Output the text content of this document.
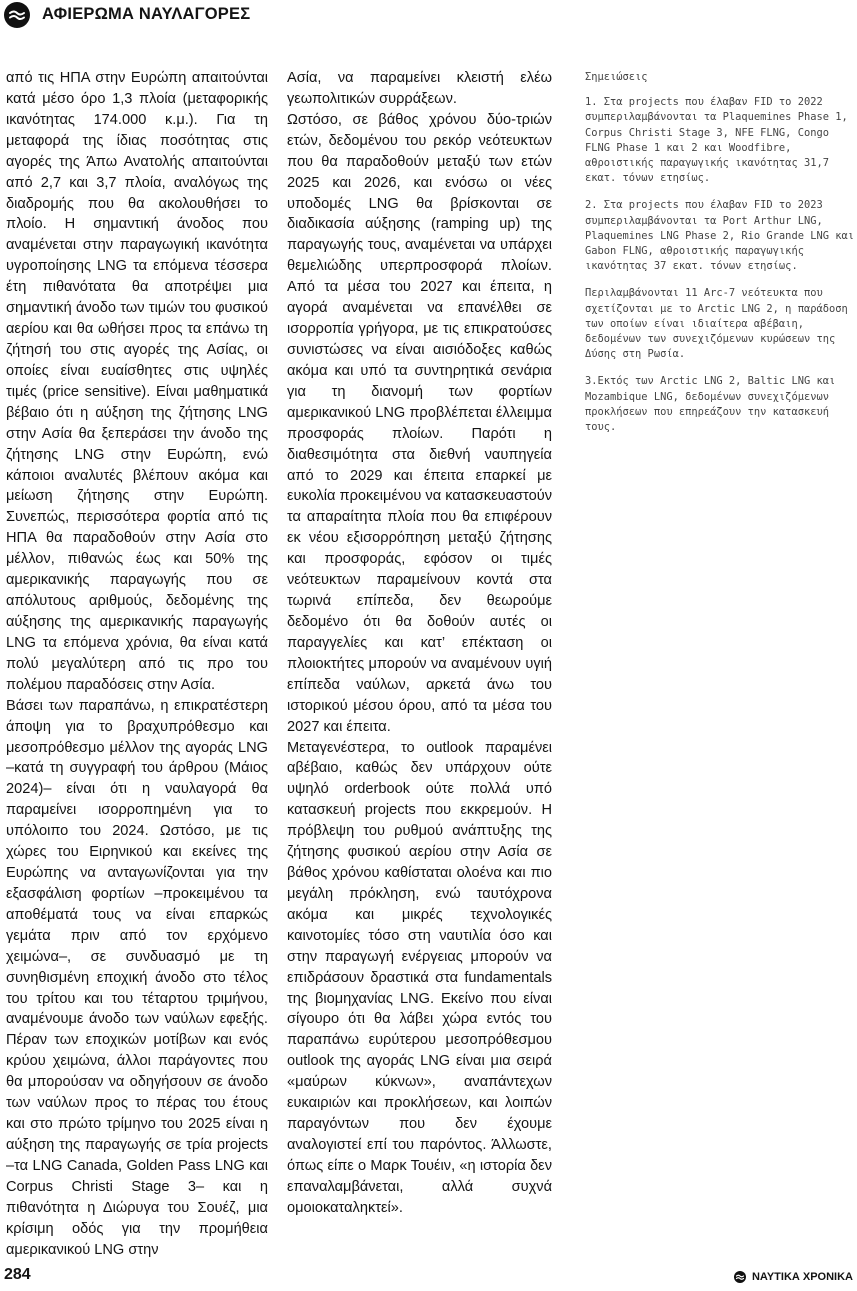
ΑΦΙΕΡΩΜΑ ΝΑΥΛΑΓΟΡΕΣ

από τις ΗΠΑ στην Ευρώπη απαιτούνται κατά μέσο όρο 1,3 πλοία (μεταφορικής ικανότητας 174.000 κ.μ.). Για τη μεταφορά της ίδιας ποσότητας στις αγορές της Άπω Ανατολής απαιτούνται από 2,7 και 3,7 πλοία, αναλόγως της διαδρομής που θα ακολουθήσει το πλοίο. Η σημαντική άνοδος που αναμένεται στην παραγωγική ικανότητα υγροποίησης LNG τα επόμενα τέσσερα έτη πιθανότατα θα αποτρέψει μια σημαντική άνοδο των τιμών του φυσικού αερίου και θα ωθήσει προς τα επάνω τη ζήτησή του στις αγορές της Ασίας, οι οποίες είναι ευαίσθητες στις υψηλές τιμές (price sensitive). Είναι μαθηματικά βέβαιο ότι η αύξηση της ζήτησης LNG στην Ασία θα ξεπεράσει την άνοδο της ζήτησης LNG στην Ευρώπη, ενώ κάποιοι αναλυτές βλέπουν ακόμα και μείωση ζήτησης στην Ευρώπη. Συνεπώς, περισσότερα φορτία από τις ΗΠΑ θα παραδοθούν στην Ασία στο μέλλον, πιθανώς έως και 50% της αμερικανικής παραγωγής που σε απόλυτους αριθμούς, δεδομένης της αύξησης της αμερικανικής παραγωγής LNG τα επόμενα χρόνια, θα είναι κατά πολύ μεγαλύτερη από τις προ του πολέμου παραδόσεις στην Ασία.

Βάσει των παραπάνω, η επικρατέστερη άποψη για το βραχυπρόθεσμο και μεσοπρόθεσμο μέλλον της αγοράς LNG –κατά τη συγγραφή του άρθρου (Μάιος 2024)– είναι ότι η ναυλαγορά θα παραμείνει ισορροπημένη για το υπόλοιπο του 2024. Ωστόσο, με τις χώρες του Ειρηνικού και εκείνες της Ευρώπης να ανταγωνίζονται για την εξασφάλιση φορτίων –προκειμένου τα αποθέματά τους να είναι επαρκώς γεμάτα πριν από τον ερχόμενο χειμώνα–, σε συνδυασμό με τη συνηθισμένη εποχική άνοδο στο τέλος του τρίτου και του τέταρτου τριμήνου, αναμένουμε άνοδο των ναύλων εφεξής. Πέραν των εποχικών μοτίβων και ενός κρύου χειμώνα, άλλοι παράγοντες που θα μπορούσαν να οδηγήσουν σε άνοδο των ναύλων προς το πέρας του έτους και στο πρώτο τρίμηνο του 2025 είναι η αύξηση της παραγωγής σε τρία projects –τα LNG Canada, Golden Pass LNG και Corpus Christi Stage 3– και η πιθανότητα η Διώρυγα του Σουέζ, μια κρίσιμη οδός για την προμήθεια αμερικανικού LNG στην

Ασία, να παραμείνει κλειστή ελέω γεωπολιτικών συρράξεων.

Ωστόσο, σε βάθος χρόνου δύο-τριών ετών, δεδομένου του ρεκόρ νεότευκτων που θα παραδοθούν μεταξύ των ετών 2025 και 2026, και ενόσω οι νέες υποδομές LNG θα βρίσκονται σε διαδικασία αύξησης (ramping up) της παραγωγής τους, αναμένεται να υπάρχει θεμελιώδης υπερπροσφορά πλοίων. Από τα μέσα του 2027 και έπειτα, η αγορά αναμένεται να επανέλθει σε ισορροπία γρήγορα, με τις επικρατούσες συνιστώσες να είναι αισιόδοξες καθώς ακόμα και υπό τα συντηρητικά σενάρια για τη διανομή των φορτίων αμερικανικού LNG προβλέπεται έλλειμμα προσφοράς πλοίων. Παρότι η διαθεσιμότητα στα διεθνή ναυπηγεία από το 2029 και έπειτα επαρκεί με ευκολία προκειμένου να κατασκευαστούν τα απαραίτητα πλοία που θα επιφέρουν εκ νέου εξισορρόπηση μεταξύ ζήτησης και προσφοράς, εφόσον οι τιμές νεότευκτων παραμείνουν κοντά στα τωρινά επίπεδα, δεν θεωρούμε δεδομένο ότι θα δοθούν αυτές οι παραγγελίες και κατ’ επέκταση οι πλοιοκτήτες μπορούν να αναμένουν υγιή επίπεδα ναύλων, αρκετά άνω του ιστορικού μέσου όρου, από τα μέσα του 2027 και έπειτα.

Μεταγενέστερα, το outlook παραμένει αβέβαιο, καθώς δεν υπάρχουν ούτε υψηλό orderbook ούτε πολλά υπό κατασκευή projects που εκκρεμούν. Η πρόβλεψη του ρυθμού ανάπτυξης της ζήτησης φυσικού αερίου στην Ασία σε βάθος χρόνου καθίσταται ολοένα και πιο μεγάλη πρόκληση, ενώ ταυτόχρονα ακόμα και μικρές τεχνολογικές καινοτομίες τόσο στη ναυτιλία όσο και στην παραγωγή ενέργειας μπορούν να επιδράσουν δραστικά στα fundamentals της βιομηχανίας LNG. Εκείνο που είναι σίγουρο ότι θα λάβει χώρα εντός του παραπάνω ευρύτερου μεσοπρόθεσμου outlook της αγοράς LNG είναι μια σειρά «μαύρων κύκνων», αναπάντεχων ευκαιριών και προκλήσεων, και λοιπών παραγόντων που δεν έχουμε αναλογιστεί επί του παρόντος. Άλλωστε, όπως είπε ο Μαρκ Τουέιν, «η ιστορία δεν επαναλαμβάνεται, αλλά συχνά ομοιοκαταληκτεί».

Σημειώσεις

1. Στα projects που έλαβαν FID το 2022 συμπεριλαμβάνονται τα Plaquemines Phase 1, Corpus Christi Stage 3, NFE FLNG, Congo FLNG Phase 1 και 2 και Woodfibre, αθροιστικής παραγωγικής ικανότητας 31,7 εκατ. τόνων ετησίως.

2. Στα projects που έλαβαν FID το 2023 συμπεριλαμβάνονται τα Port Arthur LNG, Plaquemines LNG Phase 2, Rio Grande LNG και Gabon FLNG, αθροιστικής παραγωγικής ικανότητας 37 εκατ. τόνων ετησίως.

Περιλαμβάνονται 11 Arc-7 νεότευκτα που σχετίζονται με το Arctic LNG 2, η παράδοση των οποίων είναι ιδιαίτερα αβέβαιη, δεδομένων των συνεχιζόμενων κυρώσεων της Δύσης στη Ρωσία.

3.Εκτός των Arctic LNG 2, Baltic LNG και Mozambique LNG, δεδομένων συνεχιζόμενων προκλήσεων που επηρεάζουν την κατασκευή τους.

284	ΝΑΥΤΙΚΑ ΧΡΟΝΙΚΑ
